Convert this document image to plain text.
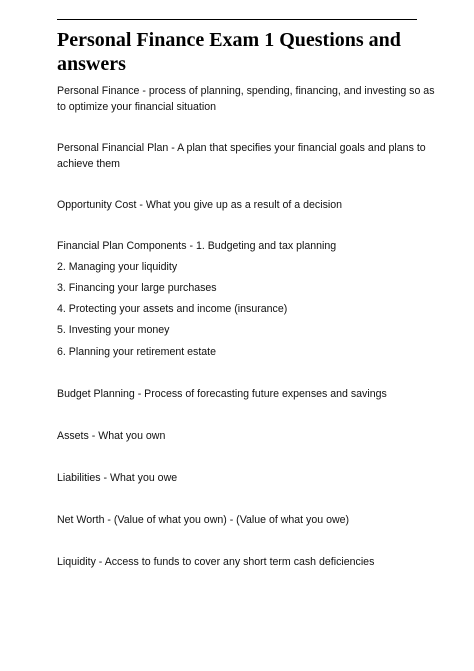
Personal Finance Exam 1 Questions and answers

Personal Finance - process of planning, spending, financing, and investing so as to optimize your financial situation

Personal Financial Plan - A plan that specifies your financial goals and plans to achieve them

Opportunity Cost - What you give up as a result of a decision

Financial Plan Components - 1. Budgeting and tax planning

2. Managing your liquidity

3. Financing your large purchases

4. Protecting your assets and income (insurance)

5. Investing your money

6. Planning your retirement estate

Budget Planning - Process of forecasting future expenses and savings

Assets - What you own

Liabilities - What you owe

Net Worth - (Value of what you own) - (Value of what you owe)

Liquidity - Access to funds to cover any short term cash deficiencies
